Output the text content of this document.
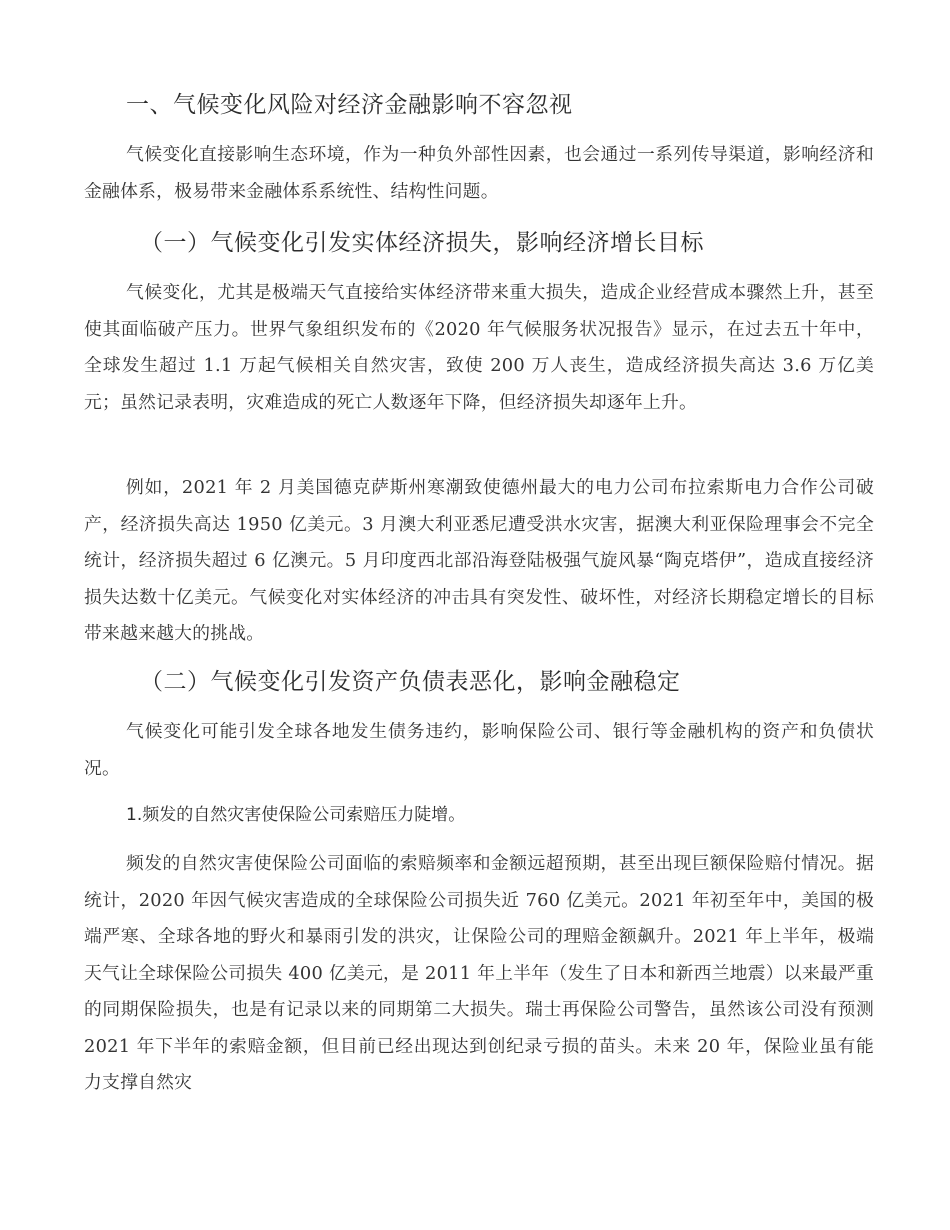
一、气候变化风险对经济金融影响不容忽视

气候变化直接影响生态环境，作为一种负外部性因素，也会通过一系列传导渠道，影响经济和金融体系，极易带来金融体系系统性、结构性问题。

（一）气候变化引发实体经济损失，影响经济增长目标

气候变化，尤其是极端天气直接给实体经济带来重大损失，造成企业经营成本骤然上升，甚至使其面临破产压力。世界气象组织发布的《2020 年气候服务状况报告》显示，在过去五十年中，全球发生超过 1.1 万起气候相关自然灾害，致使 200 万人丧生，造成经济损失高达 3.6 万亿美元；虽然记录表明，灾难造成的死亡人数逐年下降，但经济损失却逐年上升。

例如，2021 年 2 月美国德克萨斯州寒潮致使德州最大的电力公司布拉索斯电力合作公司破产，经济损失高达 1950 亿美元。3 月澳大利亚悉尼遭受洪水灾害，据澳大利亚保险理事会不完全统计，经济损失超过 6 亿澳元。5 月印度西北部沿海登陆极强气旋风暴“陶克塔伊”，造成直接经济损失达数十亿美元。气候变化对实体经济的冲击具有突发性、破坏性，对经济长期稳定增长的目标带来越来越大的挑战。

（二）气候变化引发资产负债表恶化，影响金融稳定

气候变化可能引发全球各地发生债务违约，影响保险公司、银行等金融机构的资产和负债状况。

1.频发的自然灾害使保险公司索赔压力陡增。

频发的自然灾害使保险公司面临的索赔频率和金额远超预期，甚至出现巨额保险赔付情况。据统计，2020 年因气候灾害造成的全球保险公司损失近 760 亿美元。2021 年初至年中，美国的极端严寒、全球各地的野火和暴雨引发的洪灾，让保险公司的理赔金额飙升。2021 年上半年，极端天气让全球保险公司损失 400 亿美元，是 2011 年上半年（发生了日本和新西兰地震）以来最严重的同期保险损失，也是有记录以来的同期第二大损失。瑞士再保险公司警告，虽然该公司没有预测 2021 年下半年的索赔金额，但目前已经出现达到创纪录亏损的苗头。未来 20 年，保险业虽有能力支撑自然灾
